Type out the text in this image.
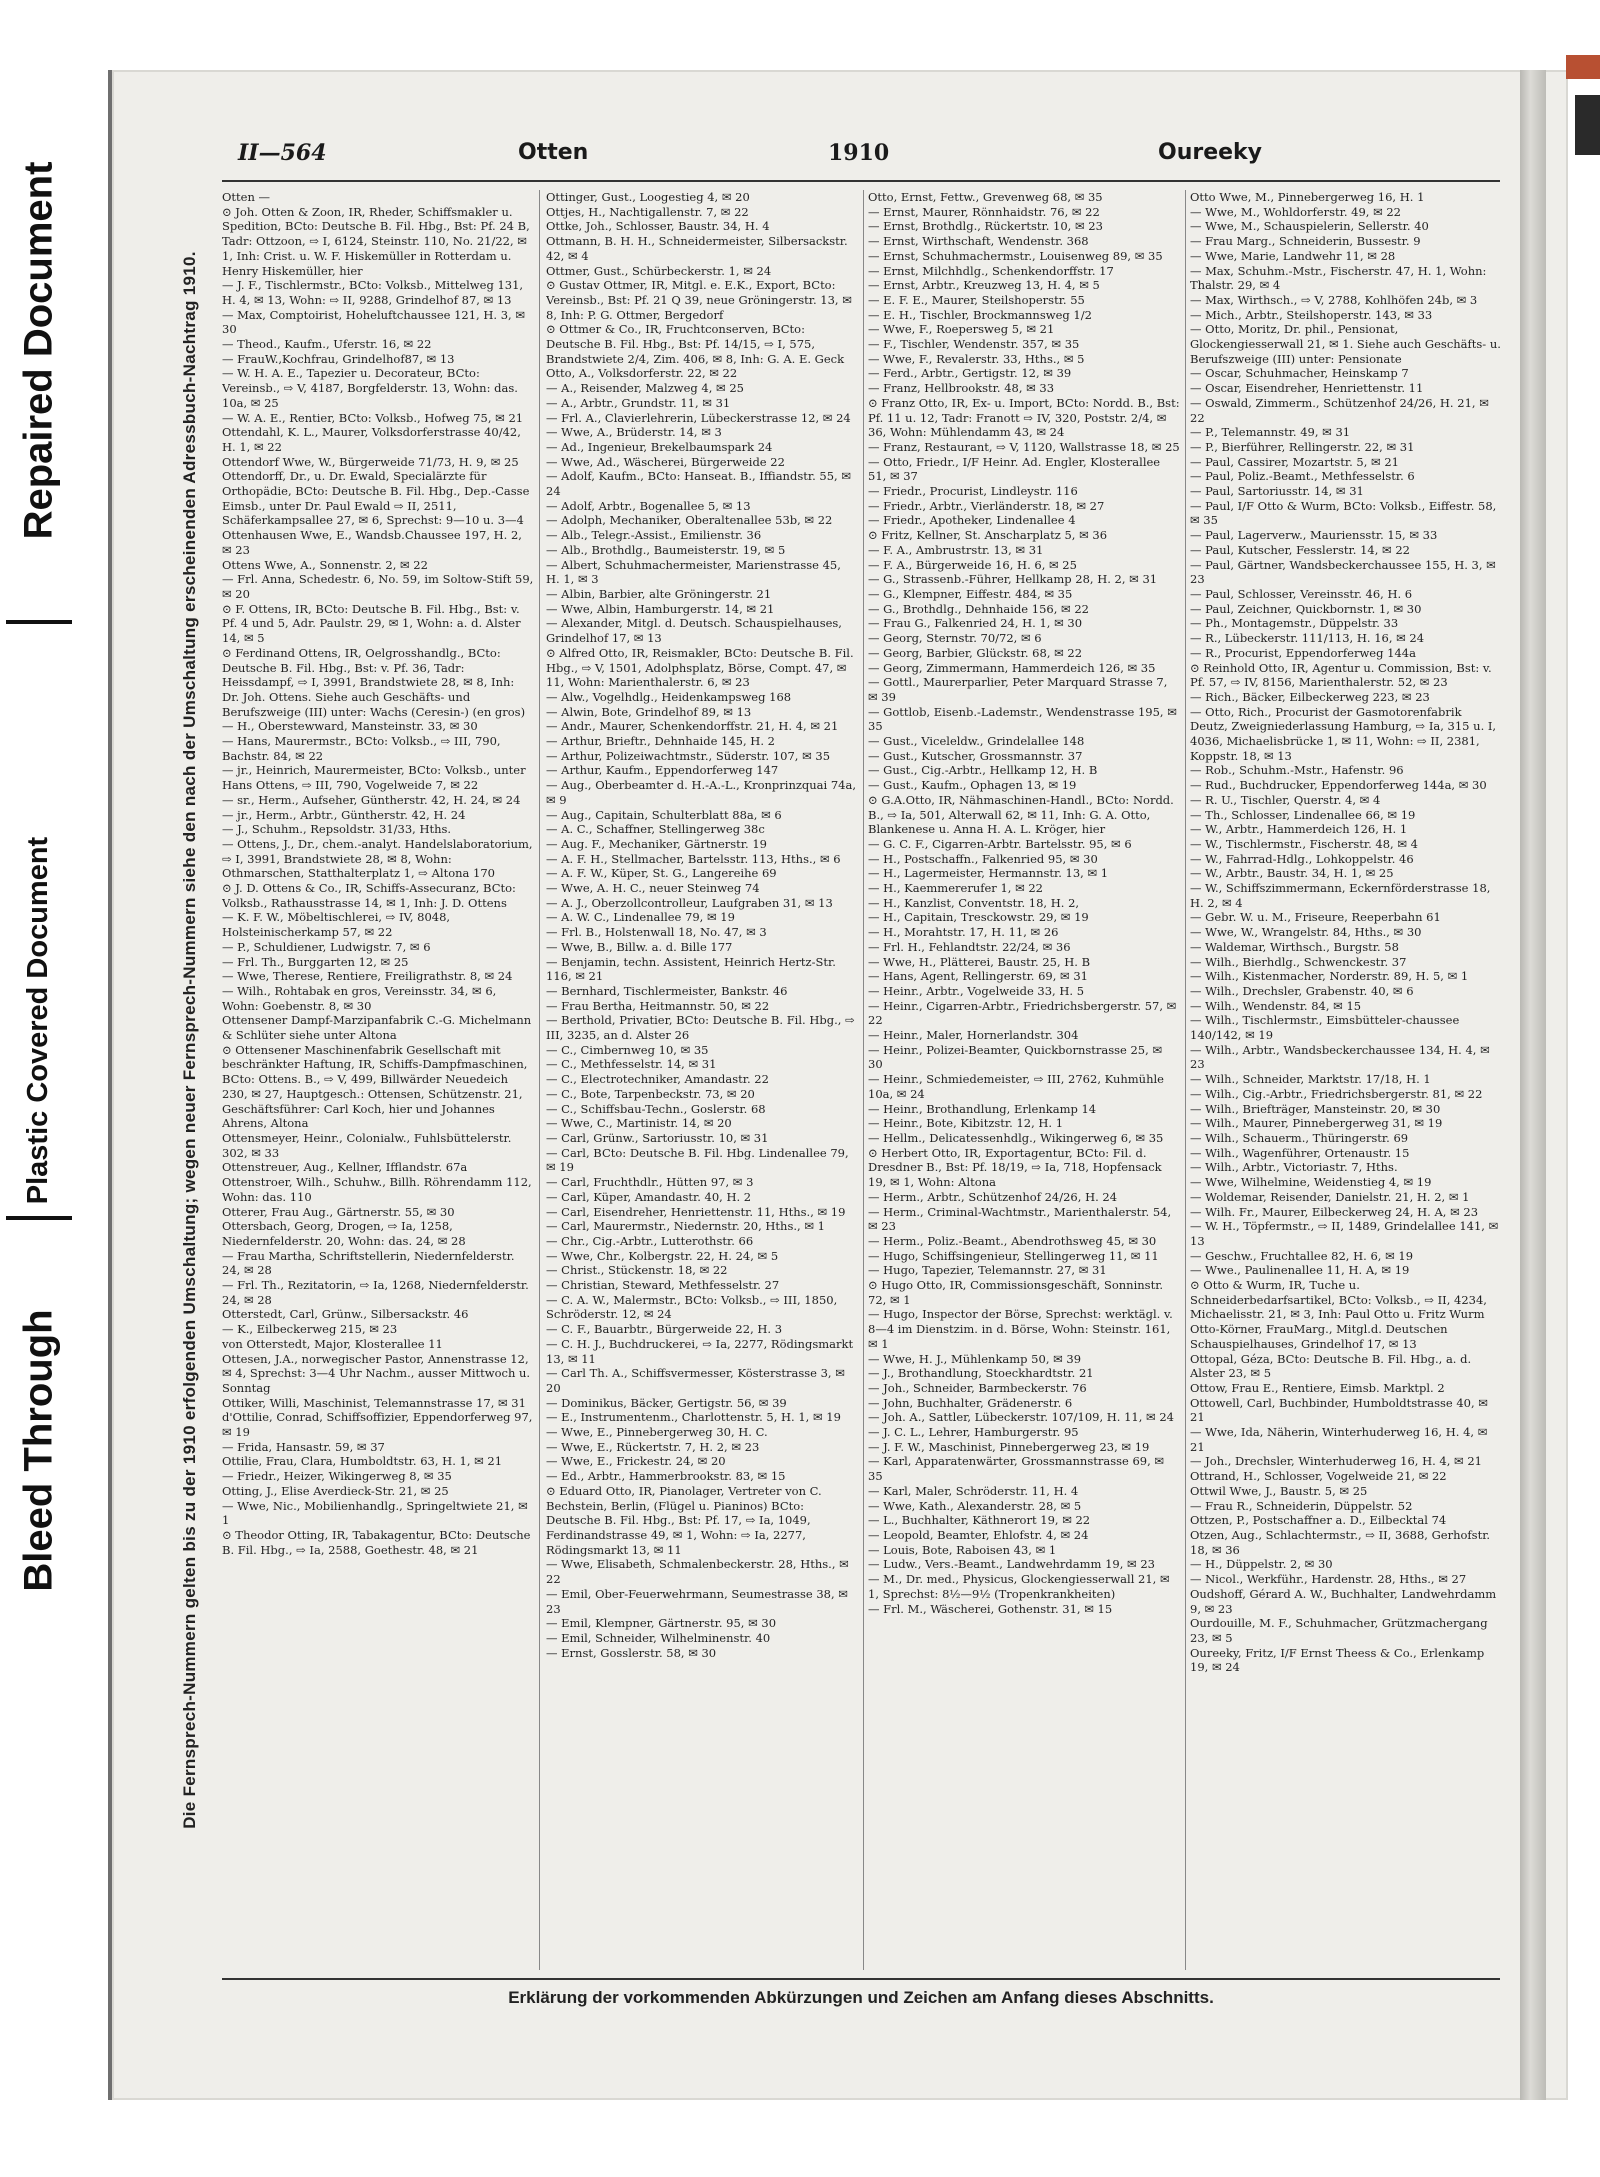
Repaired Document
Plastic Covered Document
Bleed Through
II—564	Otten	1910	Oureeky
Die Fernsprech-Nummern gelten bis zu der 1910 erfolgenden Umschaltung; wegen neuer Fernsprech-Nummern siehe den nach der Umschaltung erscheinenden Adressbuch-Nachtrag 1910.
Otten —
⊙ Joh. Otten & Zoon, IR, Rheder, Schiffsmakler u. Spedition, BCto: Deutsche B. Fil. Hbg., Bst: Pf. 24 B, Tadr: Ottzoon, ⇨ I, 6124, Steinstr. 110, No. 21/22, ✉ 1, Inh: Crist. u. W. F. Hiskemüller in Rotterdam u. Henry Hiskemüller, hier
— J. F., Tischlermstr., BCto: Volksb., Mittelweg 131, H. 4, ✉ 13, Wohn: ⇨ II, 9288, Grindelhof 87, ✉ 13
— Max, Comptoirist, Hoheluftchaussee 121, H. 3, ✉ 30
— Theod., Kaufm., Uferstr. 16, ✉ 22
— FrauW.,Kochfrau, Grindelhof87, ✉ 13
— W. H. A. E., Tapezier u. Decorateur, BCto: Vereinsb., ⇨ V, 4187, Borgfelderstr. 13, Wohn: das. 10a, ✉ 25
— W. A. E., Rentier, BCto: Volksb., Hofweg 75, ✉ 21
Ottendahl, K. L., Maurer, Volksdorferstrasse 40/42, H. 1, ✉ 22
Ottendorf Wwe, W., Bürgerweide 71/73, H. 9, ✉ 25
Ottendorff, Dr., u. Dr. Ewald, Specialärzte für Orthopädie, BCto: Deutsche B. Fil. Hbg., Dep.-Casse Eimsb., unter Dr. Paul Ewald ⇨ II, 2511, Schäferkampsallee 27, ✉ 6, Sprechst: 9—10 u. 3—4
Ottenhausen Wwe, E., Wandsb.Chaussee 197, H. 2, ✉ 23
Ottens Wwe, A., Sonnenstr. 2, ✉ 22
— Frl. Anna, Schedestr. 6, No. 59, im Soltow-Stift 59, ✉ 20
⊙ F. Ottens, IR, BCto: Deutsche B. Fil. Hbg., Bst: v. Pf. 4 und 5, Adr. Paulstr. 29, ✉ 1, Wohn: a. d. Alster 14, ✉ 5
⊙ Ferdinand Ottens, IR, Oelgrosshandlg., BCto: Deutsche B. Fil. Hbg., Bst: v. Pf. 36, Tadr: Heissdampf, ⇨ I, 3991, Brandstwiete 28, ✉ 8, Inh: Dr. Joh. Ottens. Siehe auch Geschäfts- und Berufszweige (III) unter: Wachs (Ceresin-) (en gros)
— H., Oberstewward, Mansteinstr. 33, ✉ 30
— Hans, Maurermstr., BCto: Volksb., ⇨ III, 790, Bachstr. 84, ✉ 22
— jr., Heinrich, Maurermeister, BCto: Volksb., unter Hans Ottens, ⇨ III, 790, Vogelweide 7, ✉ 22
— sr., Herm., Aufseher, Güntherstr. 42, H. 24, ✉ 24
— jr., Herm., Arbtr., Güntherstr. 42, H. 24
— J., Schuhm., Repsoldstr. 31/33, Hths.
— Ottens, J., Dr., chem.-analyt. Handelslaboratorium, ⇨ I, 3991, Brandstwiete 28, ✉ 8, Wohn: Othmarschen, Statthalterplatz 1, ⇨ Altona 170
⊙ J. D. Ottens & Co., IR, Schiffs-Assecuranz, BCto: Volksb., Rathausstrasse 14, ✉ 1, Inh: J. D. Ottens
— K. F. W., Möbeltischlerei, ⇨ IV, 8048, Holsteinischerkamp 57, ✉ 22
— P., Schuldiener, Ludwigstr. 7, ✉ 6
— Frl. Th., Burggarten 12, ✉ 25
— Wwe, Therese, Rentiere, Freiligrathstr. 8, ✉ 24
— Wilh., Rohtabak en gros, Vereinsstr. 34, ✉ 6, Wohn: Goebenstr. 8, ✉ 30
Ottensener Dampf-Marzipanfabrik C.-G. Michelmann & Schlüter siehe unter Altona
⊙ Ottensener Maschinenfabrik Gesellschaft mit beschränkter Haftung, IR, Schiffs-Dampfmaschinen, BCto: Ottens. B., ⇨ V, 499, Billwärder Neuedeich 230, ✉ 27, Hauptgesch.: Ottensen, Schützenstr. 21, Geschäftsführer: Carl Koch, hier und Johannes Ahrens, Altona
Ottensmeyer, Heinr., Colonialw., Fuhlsbüttelerstr. 302, ✉ 33
Ottenstreuer, Aug., Kellner, Ifflandstr. 67a
Ottenstroer, Wilh., Schuhw., Billh. Röhrendamm 112, Wohn: das. 110
Otterer, Frau Aug., Gärtnerstr. 55, ✉ 30
Ottersbach, Georg, Drogen, ⇨ Ia, 1258, Niedernfelderstr. 20, Wohn: das. 24, ✉ 28
— Frau Martha, Schriftstellerin, Niedernfelderstr. 24, ✉ 28
— Frl. Th., Rezitatorin, ⇨ Ia, 1268, Niedernfelderstr. 24, ✉ 28
Otterstedt, Carl, Grünw., Silbersackstr. 46
— K., Eilbeckerweg 215, ✉ 23
von Otterstedt, Major, Klosterallee 11
Ottesen, J.A., norwegischer Pastor, Annenstrasse 12, ✉ 4, Sprechst: 3—4 Uhr Nachm., ausser Mittwoch u. Sonntag
Ottiker, Willi, Maschinist, Telemannstrasse 17, ✉ 31
d'Ottilie, Conrad, Schiffsoffizier, Eppendorferweg 97, ✉ 19
— Frida, Hansastr. 59, ✉ 37
Ottilie, Frau, Clara, Humboldtstr. 63, H. 1, ✉ 21
— Friedr., Heizer, Wikingerweg 8, ✉ 35
Otting, J., Elise Averdieck-Str. 21, ✉ 25
— Wwe, Nic., Mobilienhandlg., Springeltwiete 21, ✉ 1
⊙ Theodor Otting, IR, Tabakagentur, BCto: Deutsche B. Fil. Hbg., ⇨ Ia, 2588, Goethestr. 48, ✉ 21
Ottinger, Gust., Loogestieg 4, ✉ 20
Ottjes, H., Nachtigallenstr. 7, ✉ 22
Ottke, Joh., Schlosser, Baustr. 34, H. 4
Ottmann, B. H. H., Schneidermeister, Silbersackstr. 42, ✉ 4
Ottmer, Gust., Schürbeckerstr. 1, ✉ 24
⊙ Gustav Ottmer, IR, Mitgl. e. E.K., Export, BCto: Vereinsb., Bst: Pf. 21 Q 39, neue Gröningerstr. 13, ✉ 8, Inh: P. G. Ottmer, Bergedorf
⊙ Ottmer & Co., IR, Fruchtconserven, BCto: Deutsche B. Fil. Hbg., Bst: Pf. 14/15, ⇨ I, 575, Brandstwiete 2/4, Zim. 406, ✉ 8, Inh: G. A. E. Geck
Otto, A., Volksdorferstr. 22, ✉ 22
— A., Reisender, Malzweg 4, ✉ 25
— A., Arbtr., Grundstr. 11, ✉ 31
— Frl. A., Clavierlehrerin, Lübeckerstrasse 12, ✉ 24
— Wwe, A., Brüderstr. 14, ✉ 3
— Ad., Ingenieur, Brekelbaumspark 24
— Wwe, Ad., Wäscherei, Bürgerweide 22
— Adolf, Kaufm., BCto: Hanseat. B., Iffiandstr. 55, ✉ 24
— Adolf, Arbtr., Bogenallee 5, ✉ 13
— Adolph, Mechaniker, Oberaltenallee 53b, ✉ 22
— Alb., Telegr.-Assist., Emilienstr. 36
— Alb., Brothdlg., Baumeisterstr. 19, ✉ 5
— Albert, Schuhmachermeister, Marienstrasse 45, H. 1, ✉ 3
— Albin, Barbier, alte Gröningerstr. 21
— Wwe, Albin, Hamburgerstr. 14, ✉ 21
— Alexander, Mitgl. d. Deutsch. Schauspielhauses, Grindelhof 17, ✉ 13
⊙ Alfred Otto, IR, Reismakler, BCto: Deutsche B. Fil. Hbg., ⇨ V, 1501, Adolphsplatz, Börse, Compt. 47, ✉ 11, Wohn: Marienthalerstr. 6, ✉ 23
— Alw., Vogelhdlg., Heidenkampsweg 168
— Alwin, Bote, Grindelhof 89, ✉ 13
— Andr., Maurer, Schenkendorffstr. 21, H. 4, ✉ 21
— Arthur, Brieftr., Dehnhaide 145, H. 2
— Arthur, Polizeiwachtmstr., Süderstr. 107, ✉ 35
— Arthur, Kaufm., Eppendorferweg 147
— Aug., Oberbeamter d. H.-A.-L., Kronprinzquai 74a, ✉ 9
— Aug., Capitain, Schulterblatt 88a, ✉ 6
— A. C., Schaffner, Stellingerweg 38c
— Aug. F., Mechaniker, Gärtnerstr. 19
— A. F. H., Stellmacher, Bartelsstr. 113, Hths., ✉ 6
— A. F. W., Küper, St. G., Langereihe 69
— Wwe, A. H. C., neuer Steinweg 74
— A. J., Oberzollcontrolleur, Laufgraben 31, ✉ 13
— A. W. C., Lindenallee 79, ✉ 19
— Frl. B., Holstenwall 18, No. 47, ✉ 3
— Wwe, B., Billw. a. d. Bille 177
— Benjamin, techn. Assistent, Heinrich Hertz-Str. 116, ✉ 21
— Bernhard, Tischlermeister, Bankstr. 46
— Frau Bertha, Heitmannstr. 50, ✉ 22
— Berthold, Privatier, BCto: Deutsche B. Fil. Hbg., ⇨ III, 3235, an d. Alster 26
— C., Cimbernweg 10, ✉ 35
— C., Methfesselstr. 14, ✉ 31
— C., Electrotechniker, Amandastr. 22
— C., Bote, Tarpenbeckstr. 73, ✉ 20
— C., Schiffsbau-Techn., Goslerstr. 68
— Wwe, C., Martinistr. 14, ✉ 20
— Carl, Grünw., Sartoriusstr. 10, ✉ 31
— Carl, BCto: Deutsche B. Fil. Hbg. Lindenallee 79, ✉ 19
— Carl, Fruchthdlr., Hütten 97, ✉ 3
— Carl, Küper, Amandastr. 40, H. 2
— Carl, Eisendreher, Henriettenstr. 11, Hths., ✉ 19
— Carl, Maurermstr., Niedernstr. 20, Hths., ✉ 1
— Chr., Cig.-Arbtr., Lutterothstr. 66
— Wwe, Chr., Kolbergstr. 22, H. 24, ✉ 5
— Christ., Stückenstr. 18, ✉ 22
— Christian, Steward, Methfesselstr. 27
— C. A. W., Malermstr., BCto: Volksb., ⇨ III, 1850, Schröderstr. 12, ✉ 24
— C. F., Bauarbtr., Bürgerweide 22, H. 3
— C. H. J., Buchdruckerei, ⇨ Ia, 2277, Rödingsmarkt 13, ✉ 11
— Carl Th. A., Schiffsvermesser, Kösterstrasse 3, ✉ 20
— Dominikus, Bäcker, Gertigstr. 56, ✉ 39
— E., Instrumentenm., Charlottenstr. 5, H. 1, ✉ 19
— Wwe, E., Pinnebergerweg 30, H. C.
— Wwe, E., Rückertstr. 7, H. 2, ✉ 23
— Wwe, E., Frickestr. 24, ✉ 20
— Ed., Arbtr., Hammerbrookstr. 83, ✉ 15
⊙ Eduard Otto, IR, Pianolager, Vertreter von C. Bechstein, Berlin, (Flügel u. Pianinos) BCto: Deutsche B. Fil. Hbg., Bst: Pf. 17, ⇨ Ia, 1049, Ferdinandstrasse 49, ✉ 1, Wohn: ⇨ Ia, 2277, Rödingsmarkt 13, ✉ 11
— Wwe, Elisabeth, Schmalenbeckerstr. 28, Hths., ✉ 22
— Emil, Ober-Feuerwehrmann, Seumestrasse 38, ✉ 23
— Emil, Klempner, Gärtnerstr. 95, ✉ 30
— Emil, Schneider, Wilhelminenstr. 40
— Ernst, Gosslerstr. 58, ✉ 30
Otto, Ernst, Fettw., Grevenweg 68, ✉ 35
— Ernst, Maurer, Rönnhaidstr. 76, ✉ 22
— Ernst, Brothdlg., Rückertstr. 10, ✉ 23
— Ernst, Wirthschaft, Wendenstr. 368
— Ernst, Schuhmachermstr., Louisenweg 89, ✉ 35
— Ernst, Milchhdlg., Schenkendorffstr. 17
— Ernst, Arbtr., Kreuzweg 13, H. 4, ✉ 5
— E. F. E., Maurer, Steilshoperstr. 55
— E. H., Tischler, Brockmannsweg 1/2
— Wwe, F., Roepersweg 5, ✉ 21
— F., Tischler, Wendenstr. 357, ✉ 35
— Wwe, F., Revalerstr. 33, Hths., ✉ 5
— Ferd., Arbtr., Gertigstr. 12, ✉ 39
— Franz, Hellbrookstr. 48, ✉ 33
⊙ Franz Otto, IR, Ex- u. Import, BCto: Nordd. B., Bst: Pf. 11 u. 12, Tadr: Franott ⇨ IV, 320, Poststr. 2/4, ✉ 36, Wohn: Mühlendamm 43, ✉ 24
— Franz, Restaurant, ⇨ V, 1120, Wallstrasse 18, ✉ 25
— Otto, Friedr., I/F Heinr. Ad. Engler, Klosterallee 51, ✉ 37
— Friedr., Procurist, Lindleystr. 116
— Friedr., Arbtr., Vierländerstr. 18, ✉ 27
— Friedr., Apotheker, Lindenallee 4
⊙ Fritz, Kellner, St. Anscharplatz 5, ✉ 36
— F. A., Ambrustrstr. 13, ✉ 31
— F. A., Bürgerweide 16, H. 6, ✉ 25
— G., Strassenb.-Führer, Hellkamp 28, H. 2, ✉ 31
— G., Klempner, Eiffestr. 484, ✉ 35
— G., Brothdlg., Dehnhaide 156, ✉ 22
— Frau G., Falkenried 24, H. 1, ✉ 30
— Georg, Sternstr. 70/72, ✉ 6
— Georg, Barbier, Glückstr. 68, ✉ 22
— Georg, Zimmermann, Hammerdeich 126, ✉ 35
— Gottl., Maurerparlier, Peter Marquard Strasse 7, ✉ 39
— Gottlob, Eisenb.-Lademstr., Wendenstrasse 195, ✉ 35
— Gust., Viceleldw., Grindelallee 148
— Gust., Kutscher, Grossmannstr. 37
— Gust., Cig.-Arbtr., Hellkamp 12, H. B
— Gust., Kaufm., Ophagen 13, ✉ 19
⊙ G.A.Otto, IR, Nähmaschinen-Handl., BCto: Nordd. B., ⇨ Ia, 501, Alterwall 62, ✉ 11, Inh: G. A. Otto, Blankenese u. Anna H. A. L. Kröger, hier
— G. C. F., Cigarren-Arbtr. Bartelsstr. 95, ✉ 6
— H., Postschaffn., Falkenried 95, ✉ 30
— H., Lagermeister, Hermannstr. 13, ✉ 1
— H., Kaemmererufer 1, ✉ 22
— H., Kanzlist, Conventstr. 18, H. 2,
— H., Capitain, Tresckowstr. 29, ✉ 19
— H., Morahtstr. 17, H. 11, ✉ 26
— Frl. H., Fehlandtstr. 22/24, ✉ 36
— Wwe, H., Plätterei, Baustr. 25, H. B
— Hans, Agent, Rellingerstr. 69, ✉ 31
— Heinr., Arbtr., Vogelweide 33, H. 5
— Heinr., Cigarren-Arbtr., Friedrichsbergerstr. 57, ✉ 22
— Heinr., Maler, Hornerlandstr. 304
— Heinr., Polizei-Beamter, Quickbornstrasse 25, ✉ 30
— Heinr., Schmiedemeister, ⇨ III, 2762, Kuhmühle 10a, ✉ 24
— Heinr., Brothandlung, Erlenkamp 14
— Heinr., Bote, Kibitzstr. 12, H. 1
— Hellm., Delicatessenhdlg., Wikingerweg 6, ✉ 35
⊙ Herbert Otto, IR, Exportagentur, BCto: Fil. d. Dresdner B., Bst: Pf. 18/19, ⇨ Ia, 718, Hopfensack 19, ✉ 1, Wohn: Altona
— Herm., Arbtr., Schützenhof 24/26, H. 24
— Herm., Criminal-Wachtmstr., Marienthalerstr. 54, ✉ 23
— Herm., Poliz.-Beamt., Abendrothsweg 45, ✉ 30
— Hugo, Schiffsingenieur, Stellingerweg 11, ✉ 11
— Hugo, Tapezier, Telemannstr. 27, ✉ 31
⊙ Hugo Otto, IR, Commissionsgeschäft, Sonninstr. 72, ✉ 1
— Hugo, Inspector der Börse, Sprechst: werktägl. v. 8—4 im Dienstzim. in d. Börse, Wohn: Steinstr. 161, ✉ 1
— Wwe, H. J., Mühlenkamp 50, ✉ 39
— J., Brothandlung, Stoeckhardtstr. 21
— Joh., Schneider, Barmbeckerstr. 76
— John, Buchhalter, Grädenerstr. 6
— Joh. A., Sattler, Lübeckerstr. 107/109, H. 11, ✉ 24
— J. C. L., Lehrer, Hamburgerstr. 95
— J. F. W., Maschinist, Pinnebergerweg 23, ✉ 19
— Karl, Apparatenwärter, Grossmannstrasse 69, ✉ 35
— Karl, Maler, Schröderstr. 11, H. 4
— Wwe, Kath., Alexanderstr. 28, ✉ 5
— L., Buchhalter, Käthnerort 19, ✉ 22
— Leopold, Beamter, Ehlofstr. 4, ✉ 24
— Louis, Bote, Raboisen 43, ✉ 1
— Ludw., Vers.-Beamt., Landwehrdamm 19, ✉ 23
— M., Dr. med., Physicus, Glockengiesserwall 21, ✉ 1, Sprechst: 8½—9½ (Tropenkrankheiten)
— Frl. M., Wäscherei, Gothenstr. 31, ✉ 15
Otto Wwe, M., Pinnebergerweg 16, H. 1
— Wwe, M., Wohldorferstr. 49, ✉ 22
— Wwe, M., Schauspielerin, Sellerstr. 40
— Frau Marg., Schneiderin, Bussestr. 9
— Wwe, Marie, Landwehr 11, ✉ 28
— Max, Schuhm.-Mstr., Fischerstr. 47, H. 1, Wohn: Thalstr. 29, ✉ 4
— Max, Wirthsch., ⇨ V, 2788, Kohlhöfen 24b, ✉ 3
— Mich., Arbtr., Steilshoperstr. 143, ✉ 33
— Otto, Moritz, Dr. phil., Pensionat, Glockengiesserwall 21, ✉ 1. Siehe auch Geschäfts- u. Berufszweige (III) unter: Pensionate
— Oscar, Schuhmacher, Heinskamp 7
— Oscar, Eisendreher, Henriettenstr. 11
— Oswald, Zimmerm., Schützenhof 24/26, H. 21, ✉ 22
— P., Telemannstr. 49, ✉ 31
— P., Bierführer, Rellingerstr. 22, ✉ 31
— Paul, Cassirer, Mozartstr. 5, ✉ 21
— Paul, Poliz.-Beamt., Methfesselstr. 6
— Paul, Sartoriusstr. 14, ✉ 31
— Paul, I/F Otto & Wurm, BCto: Volksb., Eiffestr. 58, ✉ 35
— Paul, Lagerverw., Mauriensstr. 15, ✉ 33
— Paul, Kutscher, Fesslerstr. 14, ✉ 22
— Paul, Gärtner, Wandsbeckerchaussee 155, H. 3, ✉ 23
— Paul, Schlosser, Vereinsstr. 46, H. 6
— Paul, Zeichner, Quickbornstr. 1, ✉ 30
— Ph., Montagemstr., Düppelstr. 33
— R., Lübeckerstr. 111/113, H. 16, ✉ 24
— R., Procurist, Eppendorferweg 144a
⊙ Reinhold Otto, IR, Agentur u. Commission, Bst: v. Pf. 57, ⇨ IV, 8156, Marienthalerstr. 52, ✉ 23
— Rich., Bäcker, Eilbeckerweg 223, ✉ 23
— Otto, Rich., Procurist der Gasmotorenfabrik Deutz, Zweigniederlassung Hamburg, ⇨ Ia, 315 u. I, 4036, Michaelisbrücke 1, ✉ 11, Wohn: ⇨ II, 2381, Koppstr. 18, ✉ 13
— Rob., Schuhm.-Mstr., Hafenstr. 96
— Rud., Buchdrucker, Eppendorferweg 144a, ✉ 30
— R. U., Tischler, Querstr. 4, ✉ 4
— Th., Schlosser, Lindenallee 66, ✉ 19
— W., Arbtr., Hammerdeich 126, H. 1
— W., Tischlermstr., Fischerstr. 48, ✉ 4
— W., Fahrrad-Hdlg., Lohkoppelstr. 46
— W., Arbtr., Baustr. 34, H. 1, ✉ 25
— W., Schiffszimmermann, Eckernförderstrasse 18, H. 2, ✉ 4
— Gebr. W. u. M., Friseure, Reeperbahn 61
— Wwe, W., Wrangelstr. 84, Hths., ✉ 30
— Waldemar, Wirthsch., Burgstr. 58
— Wilh., Bierhdlg., Schwenckestr. 37
— Wilh., Kistenmacher, Norderstr. 89, H. 5, ✉ 1
— Wilh., Drechsler, Grabenstr. 40, ✉ 6
— Wilh., Wendenstr. 84, ✉ 15
— Wilh., Tischlermstr., Eimsbütteler-chaussee 140/142, ✉ 19
— Wilh., Arbtr., Wandsbeckerchaussee 134, H. 4, ✉ 23
— Wilh., Schneider, Marktstr. 17/18, H. 1
— Wilh., Cig.-Arbtr., Friedrichsbergerstr. 81, ✉ 22
— Wilh., Briefträger, Mansteinstr. 20, ✉ 30
— Wilh., Maurer, Pinnebergerweg 31, ✉ 19
— Wilh., Schauerm., Thüringerstr. 69
— Wilh., Wagenführer, Ortenaustr. 15
— Wilh., Arbtr., Victoriastr. 7, Hths.
— Wwe, Wilhelmine, Weidenstieg 4, ✉ 19
— Woldemar, Reisender, Danielstr. 21, H. 2, ✉ 1
— Wilh. Fr., Maurer, Eilbeckerweg 24, H. A, ✉ 23
— W. H., Töpfermstr., ⇨ II, 1489, Grindelallee 141, ✉ 13
— Geschw., Fruchtallee 82, H. 6, ✉ 19
— Wwe., Paulinenallee 11, H. A, ✉ 19
⊙ Otto & Wurm, IR, Tuche u. Schneiderbedarfsartikel, BCto: Volksb., ⇨ II, 4234, Michaelisstr. 21, ✉ 3, Inh: Paul Otto u. Fritz Wurm
Otto-Körner, FrauMarg., Mitgl.d. Deutschen Schauspielhauses, Grindelhof 17, ✉ 13
Ottopal, Géza, BCto: Deutsche B. Fil. Hbg., a. d. Alster 23, ✉ 5
Ottow, Frau E., Rentiere, Eimsb. Marktpl. 2
Ottowell, Carl, Buchbinder, Humboldtstrasse 40, ✉ 21
— Wwe, Ida, Näherin, Winterhuderweg 16, H. 4, ✉ 21
— Joh., Drechsler, Winterhuderweg 16, H. 4, ✉ 21
Ottrand, H., Schlosser, Vogelweide 21, ✉ 22
Ottwil Wwe, J., Baustr. 5, ✉ 25
— Frau R., Schneiderin, Düppelstr. 52
Ottzen, P., Postschaffner a. D., Eilbecktal 74
Otzen, Aug., Schlachtermstr., ⇨ II, 3688, Gerhofstr. 18, ✉ 36
— H., Düppelstr. 2, ✉ 30
— Nicol., Werkführ., Hardenstr. 28, Hths., ✉ 27
Oudshoff, Gérard A. W., Buchhalter, Landwehrdamm 9, ✉ 23
Ourdouille, M. F., Schuhmacher, Grützmachergang 23, ✉ 5
Oureeky, Fritz, I/F Ernst Theess & Co., Erlenkamp 19, ✉ 24
Erklärung der vorkommenden Abkürzungen und Zeichen am Anfang dieses Abschnitts.
